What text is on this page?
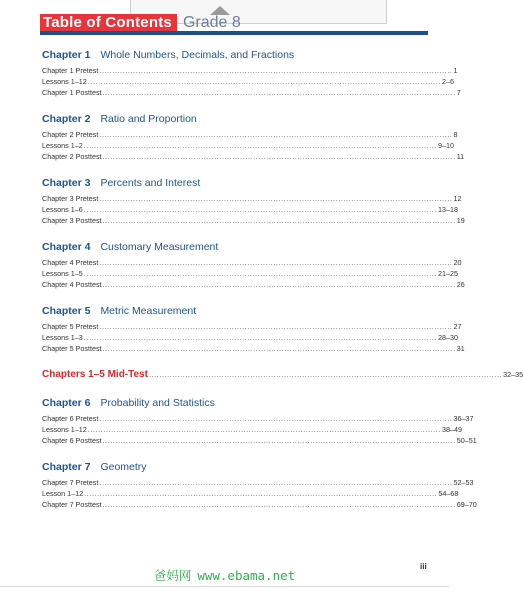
Table of Contents Grade 8
Chapter 1 Whole Numbers, Decimals, and Fractions
Chapter 1 Pretest ........................................................................................................................................ 1
Lessons 1–12 ........................................................................................................................................ 2–6
Chapter 1 Posttest ........................................................................................................................................ 7
Chapter 2 Ratio and Proportion
Chapter 2 Pretest ........................................................................................................................................ 8
Lessons 1–2 ........................................................................................................................................ 9–10
Chapter 2 Posttest ........................................................................................................................................ 11
Chapter 3 Percents and Interest
Chapter 3 Pretest ........................................................................................................................................ 12
Lessons 1–6 ........................................................................................................................................ 13–18
Chapter 3 Posttest ........................................................................................................................................ 19
Chapter 4 Customary Measurement
Chapter 4 Pretest ........................................................................................................................................ 20
Lessons 1–5 ........................................................................................................................................ 21–25
Chapter 4 Posttest ........................................................................................................................................ 26
Chapter 5 Metric Measurement
Chapter 5 Pretest ........................................................................................................................................ 27
Lessons 1–3 ........................................................................................................................................ 28–30
Chapter 5 Posttest ........................................................................................................................................ 31
Chapters 1–5 Mid-Test ........................................................................................................................................ 32–35
Chapter 6 Probability and Statistics
Chapter 6 Pretest ........................................................................................................................................ 36–37
Lessons 1–12 ........................................................................................................................................ 38–49
Chapter 6 Posttest ........................................................................................................................................ 50–51
Chapter 7 Geometry
Chapter 7 Pretest ........................................................................................................................................ 52–53
Lesson 1–12 ........................................................................................................................................ 54–68
Chapter 7 Posttest ........................................................................................................................................ 69–70
iii
爸妈网 www.ebama.net
